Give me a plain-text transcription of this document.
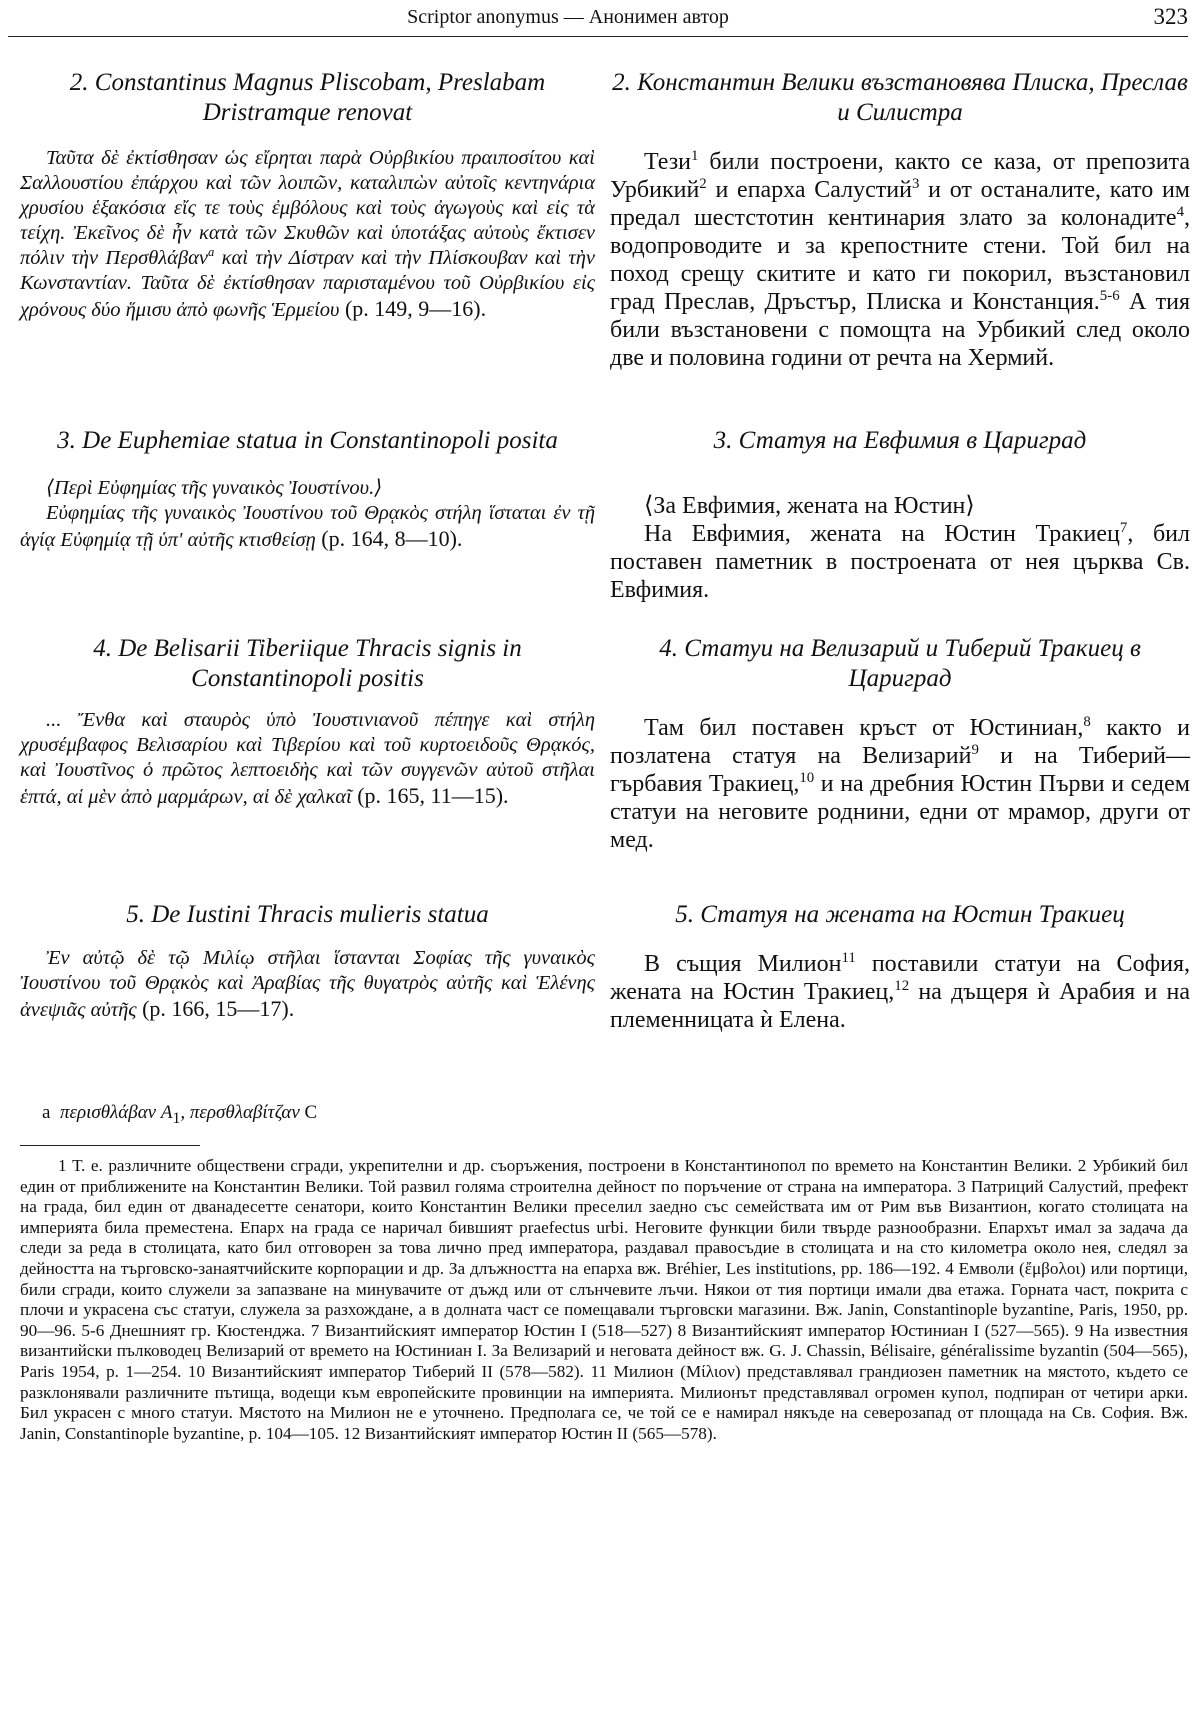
Scriptor anonymus — Анонимен автор	323

2. Constantinus Magnus Pliscobam, Preslabam Dristramque renovat

Ταῦτα δὲ ἐκτίσθησαν ὡς εἴρηται παρὰ Οὐρβικίου πραιποσίτου καὶ Σαλλουστίου ἐπάρχου καὶ τῶν λοιπῶν, καταλιπὼν αὐτοῖς κεντηνάρια χρυσίου ἑξακόσια εἴς τε τοὺς ἐμβόλους καὶ τοὺς ἀγωγοὺς καὶ εἰς τὰ τείχη. Ἐκεῖνος δὲ ἦν κατὰ τῶν Σκυθῶν καὶ ὑποτάξας αὐτοὺς ἔκτισεν πόλιν τὴν Περσθλάβαν$^a$ καὶ τὴν Δίστραν καὶ τὴν Πλίσκουβαν καὶ τὴν Κωνσταντίαν. Ταῦτα δὲ ἐκτίσθησαν παρισταμένου τοῦ Οὐρβικίου εἰς χρόνους δύο ἥμισυ ἀπὸ φωνῆς Ἑρμείου (p. 149, 9—16).

3. De Euphemiae statua in Constantinopoli posita

⟨Περὶ Εὐφημίας τῆς γυναικὸς Ἰουστίνου.⟩

Εὐφημίας τῆς γυναικὸς Ἰουστίνου τοῦ Θρᾳκὸς στήλη ἵσταται ἐν τῇ ἁγίᾳ Εὐφημίᾳ τῇ ὑπ' αὐτῆς κτισθείσῃ (p. 164, 8—10).

4. De Belisarii Tiberiique Thracis signis in Constantinopoli positis

... Ἔνθα καὶ σταυρὸς ὑπὸ Ἰουστινιανοῦ πέπηγε καὶ στήλη χρυσέμβαφος Βελισαρίου καὶ Τιβερίου καὶ τοῦ κυρτοειδοῦς Θρᾳκός, καὶ Ἰουστῖνος ὁ πρῶτος λεπτοειδὴς καὶ τῶν συγγενῶν αὐτοῦ στῆλαι ἑπτά, αἱ μὲν ἀπὸ μαρμάρων, αἱ δὲ χαλκαῖ (p. 165, 11—15).

5. De Iustini Thracis mulieris statua

Ἐν αὐτῷ δὲ τῷ Μιλίῳ στῆλαι ἵστανται Σοφίας τῆς γυναικὸς Ἰουστίνου τοῦ Θρᾳκὸς καὶ Ἀραβίας τῆς θυγατρὸς αὐτῆς καὶ Ἑλένης ἀνεψιᾶς αὐτῆς (p. 166, 15—17).

2. Константин Велики възстановява Плиска, Преслав и Силистра

Тези$^1$ били построени, както се каза, от препозита Урбикий$^2$ и епарха Салустий$^3$ и от останалите, като им предал шестстотин кентинария злато за колонадите$^4$, водопроводите и за крепостните стени. Той бил на поход срещу скитите и като ги покорил, възстановил град Преслав, Дръстър, Плиска и Констанция.$^{5-6}$ А тия били възстановени с помощта на Урбикий след около две и половина години от речта на Хермий.

3. Статуя на Евфимия в Цариград

⟨За Евфимия, жената на Юстин⟩

На Евфимия, жената на Юстин Тракиец$^7$, бил поставен паметник в построената от нея църква Св. Евфимия.

4. Статуи на Велизарий и Тиберий Тракиец в Цариград

Там бил поставен кръст от Юстиниан,$^8$ както и позлатена статуя на Велизарий$^9$ и на Тиберий—гърбавия Тракиец,$^{10}$ и на дребния Юстин Първи и седем статуи на неговите роднини, едни от мрамор, други от мед.

5. Статуя на жената на Юстин Тракиец

В същия Милион$^{11}$ поставили статуи на София, жената на Юстин Тракиец,$^{12}$ на дъщеря ѝ Арабия и на племенницата ѝ Елена.

a περισθλάβαν $A_1$, περσθλαβίτζαν C

1 Т. е. различните обществени сгради, укрепителни и др. съоръжения, построени в Константинопол по времето на Константин Велики. 2 Урбикий бил един от приближените на Константин Велики. Той развил голяма строителна дейност по поръчение от страна на императора. 3 Патриций Салустий, префект на града, бил един от дванадесетте сенатори, които Константин Велики преселил заедно със семействата им от Рим във Византион, когато столицата на империята била преместена. Епарх на града се наричал бившият praefectus urbi. Неговите функции били твърде разнообразни. Епархът имал за задача да следи за реда в столицата, като бил отговорен за това лично пред императора, раздавал правосъдие в столицата и на сто километра около нея, следял за дейността на търговско-занаятчийските корпорации и др. За длъжността на епарха вж. Bréhier, Les institutions, pp. 186—192. 4 Емволи (ἔμβολοι) или портици, били сгради, които служели за запазване на минувачите от дъжд или от слънчевите лъчи. Някои от тия портици имали два етажа. Горната част, покрита с плочи и украсена със статуи, служела за разхождане, а в долната част се помещавали търговски магазини. Вж. Janin, Constantinople byzantine, Paris, 1950, pp. 90—96. 5-6 Днешният гр. Кюстенджа. 7 Византийският император Юстин I (518—527) 8 Византийският император Юстиниан I (527—565). 9 На известния византийски пълководец Велизарий от времето на Юстиниан I. За Велизарий и неговата дейност вж. G. J. Chassin, Bélisaire, généralissime byzantin (504—565), Paris 1954, p. 1—254. 10 Византийският император Тиберий II (578—582). 11 Милион (Μίλιον) представлявал грандиозен паметник на мястото, където се разклонявали различните пътища, водещи към европейските провинции на империята. Милионът представлявал огромен купол, подпиран от четири арки. Бил украсен с много статуи. Мястото на Милион не е уточнено. Предполага се, че той се е намирал някъде на северозапад от площада на Св. София. Вж. Janin, Constantinople byzantine, p. 104—105. 12 Византийският император Юстин II (565—578).
